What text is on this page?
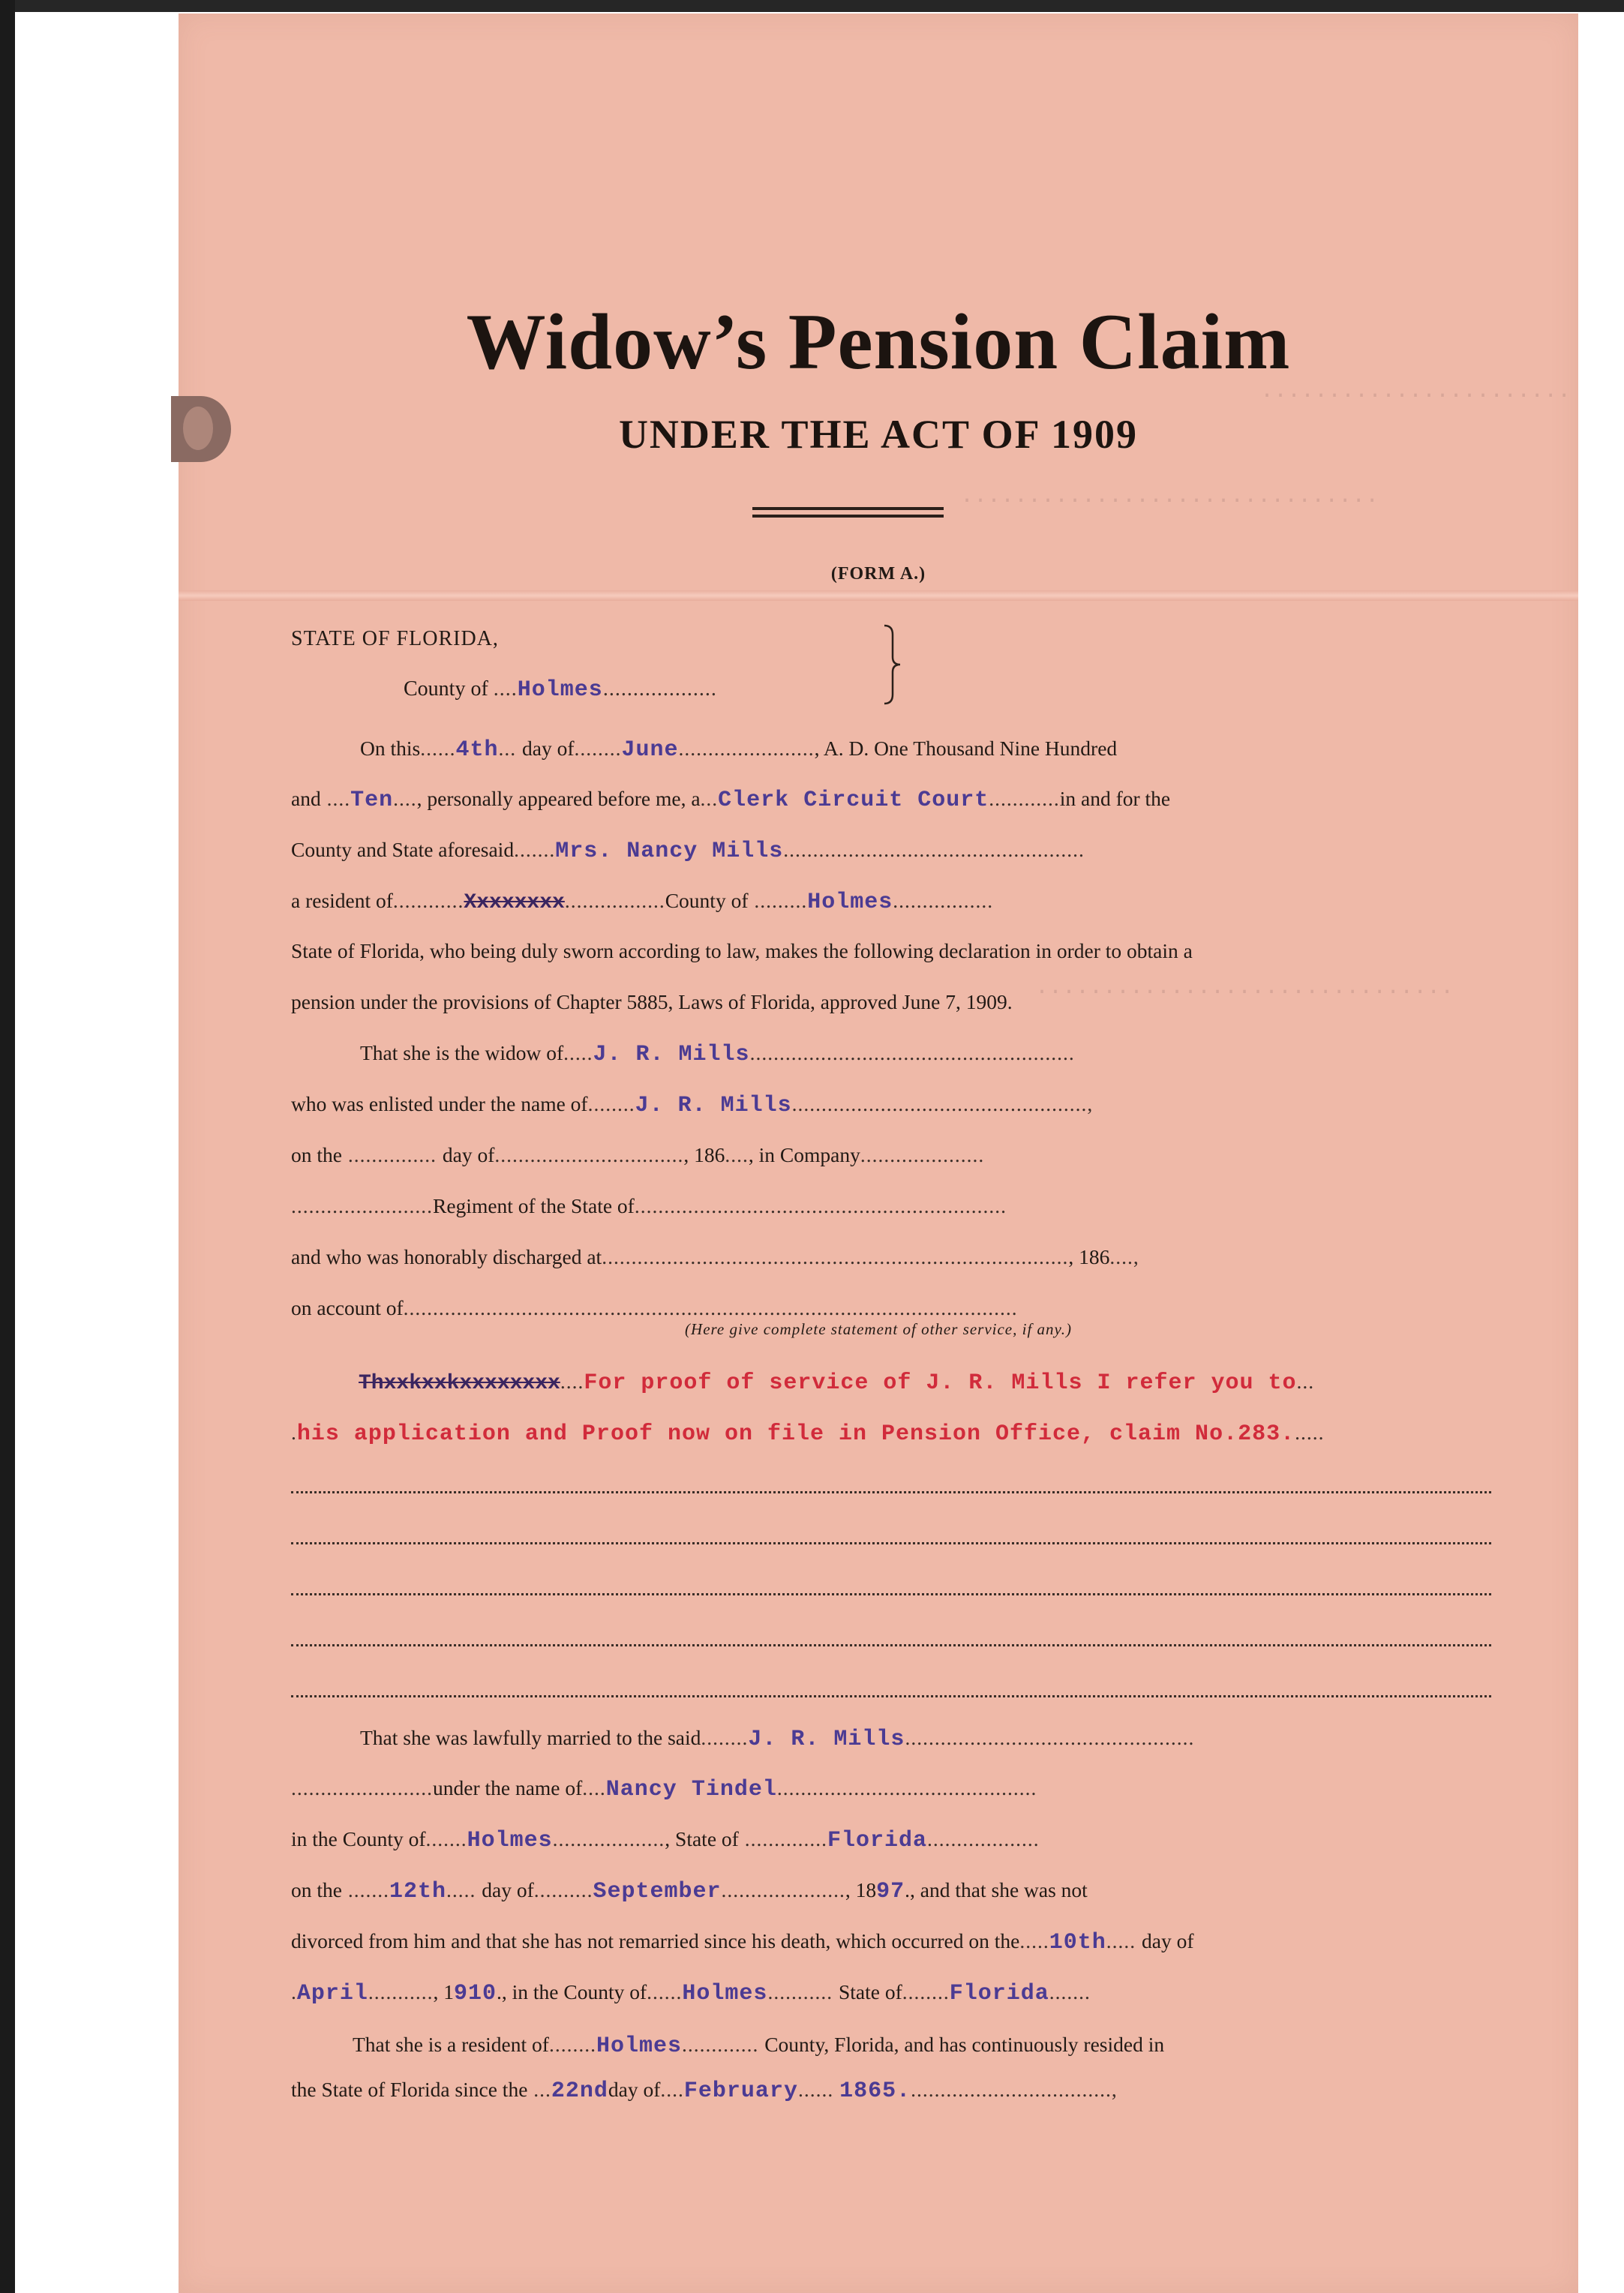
.......................
...............................
...............................
Widow’s Pension Claim
UNDER THE ACT OF 1909
(FORM A.)
STATE OF FLORIDA,
County of ....Holmes...................
On this......4th... day of........June......................., A. D. One Thousand Nine Hundred
and ....Ten...., personally appeared before me, a...Clerk Circuit Court............in and for the
County and State aforesaid.......Mrs. Nancy Mills...................................................
a resident of............Xxxxxxxx.................County of .........Holmes.................
State of Florida, who being duly sworn according to law, makes the following declaration in order to obtain a
pension under the provisions of Chapter 5885, Laws of Florida, approved June 7, 1909.
That she is the widow of.....J. R. Mills.......................................................
who was enlisted under the name of........J. R. Mills..................................................,
on the ............... day of................................, 186...., in Company.....................
........................Regiment of the State of...............................................................
and who was honorably discharged at..............................................................................., 186....,
on account of........................................................................................................
(Here give complete statement of other service, if any.)
Thxxkxxkxxxxxxxx....For proof of service of J. R. Mills I refer you to...
.his application and Proof now on file in Pension Office, claim No.283......
That she was lawfully married to the said........J. R. Mills.................................................
........................under the name of....Nancy Tindel............................................
in the County of.......Holmes..................., State of ..............Florida...................
on the .......12th..... day of..........September....................., 1897., and that she was not
divorced from him and that she has not remarried since his death, which occurred on the.....10th..... day of
.April..........., 1910., in the County of......Holmes........... State of........Florida.......
That she is a resident of........Holmes............. County, Florida, and has continuously resided in
the State of Florida since the ...22ndday of....February...... 1865...................................,
